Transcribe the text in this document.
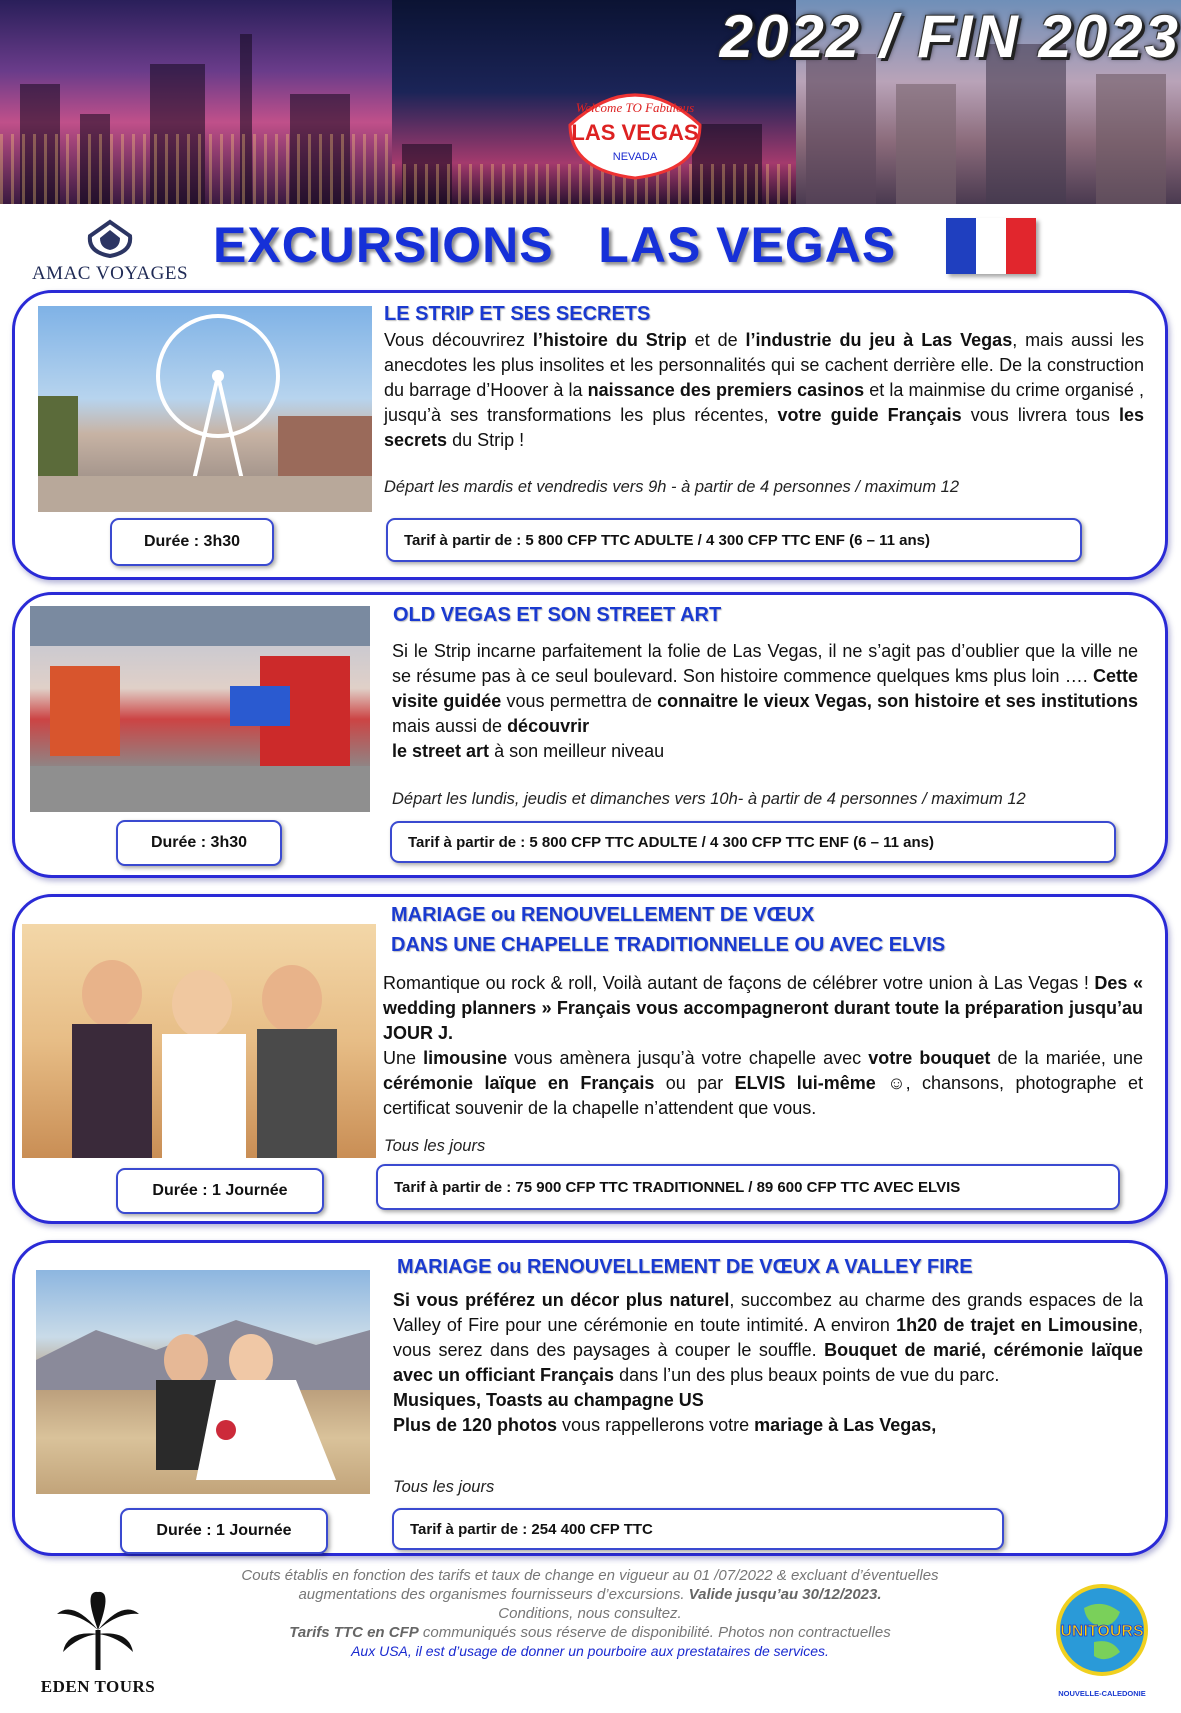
Welcome TO Fabulous
LAS VEGAS
NEVADA
2022 / FIN 2023
AMAC VOYAGES
EXCURSIONS   LAS VEGAS
LE STRIP ET SES SECRETS
Vous découvrirez l’histoire du Strip et de l’industrie du jeu à Las Vegas, mais aussi les anecdotes les plus insolites et les personnalités qui se cachent derrière elle. De la construction du barrage d’Hoover à la naissance des premiers casinos et la mainmise du crime organisé , jusqu’à ses transformations les plus récentes, votre guide Français vous livrera tous les secrets du Strip !
Départ les mardis et vendredis vers 9h - à partir de 4 personnes / maximum 12
Durée : 3h30	Tarif à partir de : 5 800 CFP TTC ADULTE / 4 300 CFP TTC ENF (6 – 11 ans)
OLD VEGAS ET SON STREET ART
Si le Strip incarne parfaitement la folie de Las Vegas, il ne s’agit pas d’oublier que la ville ne se résume pas à ce seul boulevard. Son histoire commence quelques kms plus loin …. Cette visite guidée vous permettra de connaitre le vieux Vegas, son histoire et ses institutions mais aussi de découvrir
le street art à son meilleur niveau
Départ les lundis, jeudis et dimanches vers 10h- à partir de 4 personnes / maximum 12
Durée : 3h30	Tarif à partir de : 5 800 CFP TTC ADULTE / 4 300 CFP TTC ENF (6 – 11 ans)
MARIAGE ou RENOUVELLEMENT DE VŒUX
DANS UNE CHAPELLE TRADITIONNELLE OU AVEC ELVIS
Romantique ou rock & roll, Voilà autant de façons de célébrer votre union à Las Vegas ! Des « wedding planners » Français vous accompagneront durant toute la préparation jusqu’au JOUR J.
Une limousine vous amènera jusqu’à votre chapelle avec votre bouquet de la mariée, une cérémonie laïque en Français ou par ELVIS lui-même ☺, chansons, photographe et certificat souvenir de la chapelle n’attendent que vous.
Tous les jours
Durée : 1 Journée	Tarif à partir de : 75 900 CFP TTC TRADITIONNEL / 89 600 CFP TTC AVEC ELVIS
MARIAGE ou RENOUVELLEMENT DE VŒUX A VALLEY FIRE
Si vous préférez un décor plus naturel, succombez au charme des grands espaces de la Valley of Fire pour une cérémonie en toute intimité. A environ 1h20 de trajet en Limousine, vous serez dans des paysages à couper le souffle. Bouquet de marié, cérémonie laïque avec un officiant Français dans l’un des plus beaux points de vue du parc.
Musiques, Toasts au champagne US
Plus de 120 photos vous rappellerons votre mariage à Las Vegas,
Tous les jours
Durée : 1 Journée	Tarif à partir de : 254 400 CFP TTC
EDEN TOURS
Couts établis en fonction des tarifs et taux de change en vigueur au 01 /07/2022 & excluant d’éventuelles
augmentations des organismes fournisseurs d’excursions. Valide jusqu’au 30/12/2023.
Conditions, nous consultez.
Tarifs TTC en CFP communiqués sous réserve de disponibilité. Photos non contractuelles
Aux USA, il est d’usage de donner un pourboire aux prestataires de services.
UNITOURS
NOUVELLE-CALEDONIE
